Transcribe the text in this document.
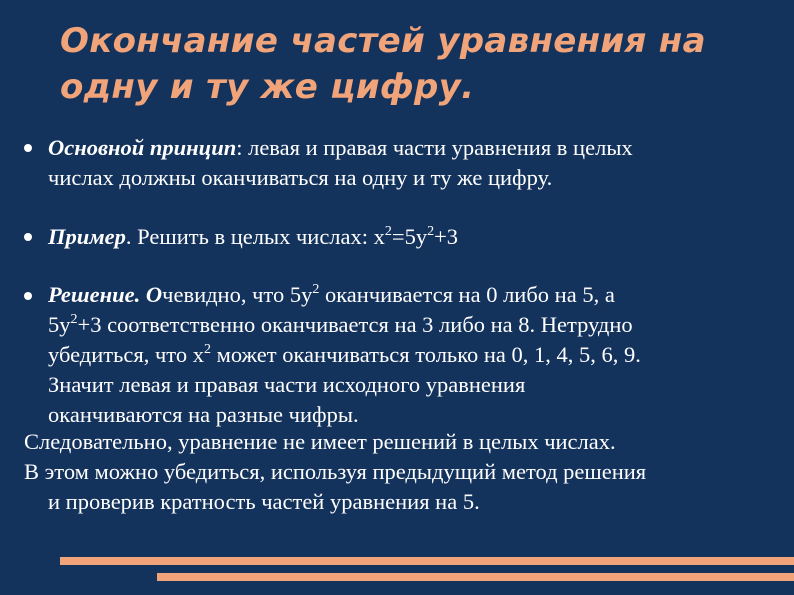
Окончание частей уравнения на
одну и ту же цифру.
Основной принцип: левая и правая части уравнения в целых
числах должны оканчиваться на одну и ту же цифру.
Пример. Решить в целых числах: $x^2=5y^2+3$
Решение. Очевидно, что $5y^2$ оканчивается на 0 либо на 5, а
$5y^2+3$ соответственно оканчивается на 3 либо на 8. Нетрудно
убедиться, что $x^2$ может оканчиваться только на 0, 1, 4, 5, 6, 9.
Значит левая и правая части исходного уравнения
оканчиваются на разные чифры.
Следовательно, уравнение не имеет решений в целых числах.
В этом можно убедиться, используя предыдущий метод решения
и проверив кратность частей уравнения на 5.
